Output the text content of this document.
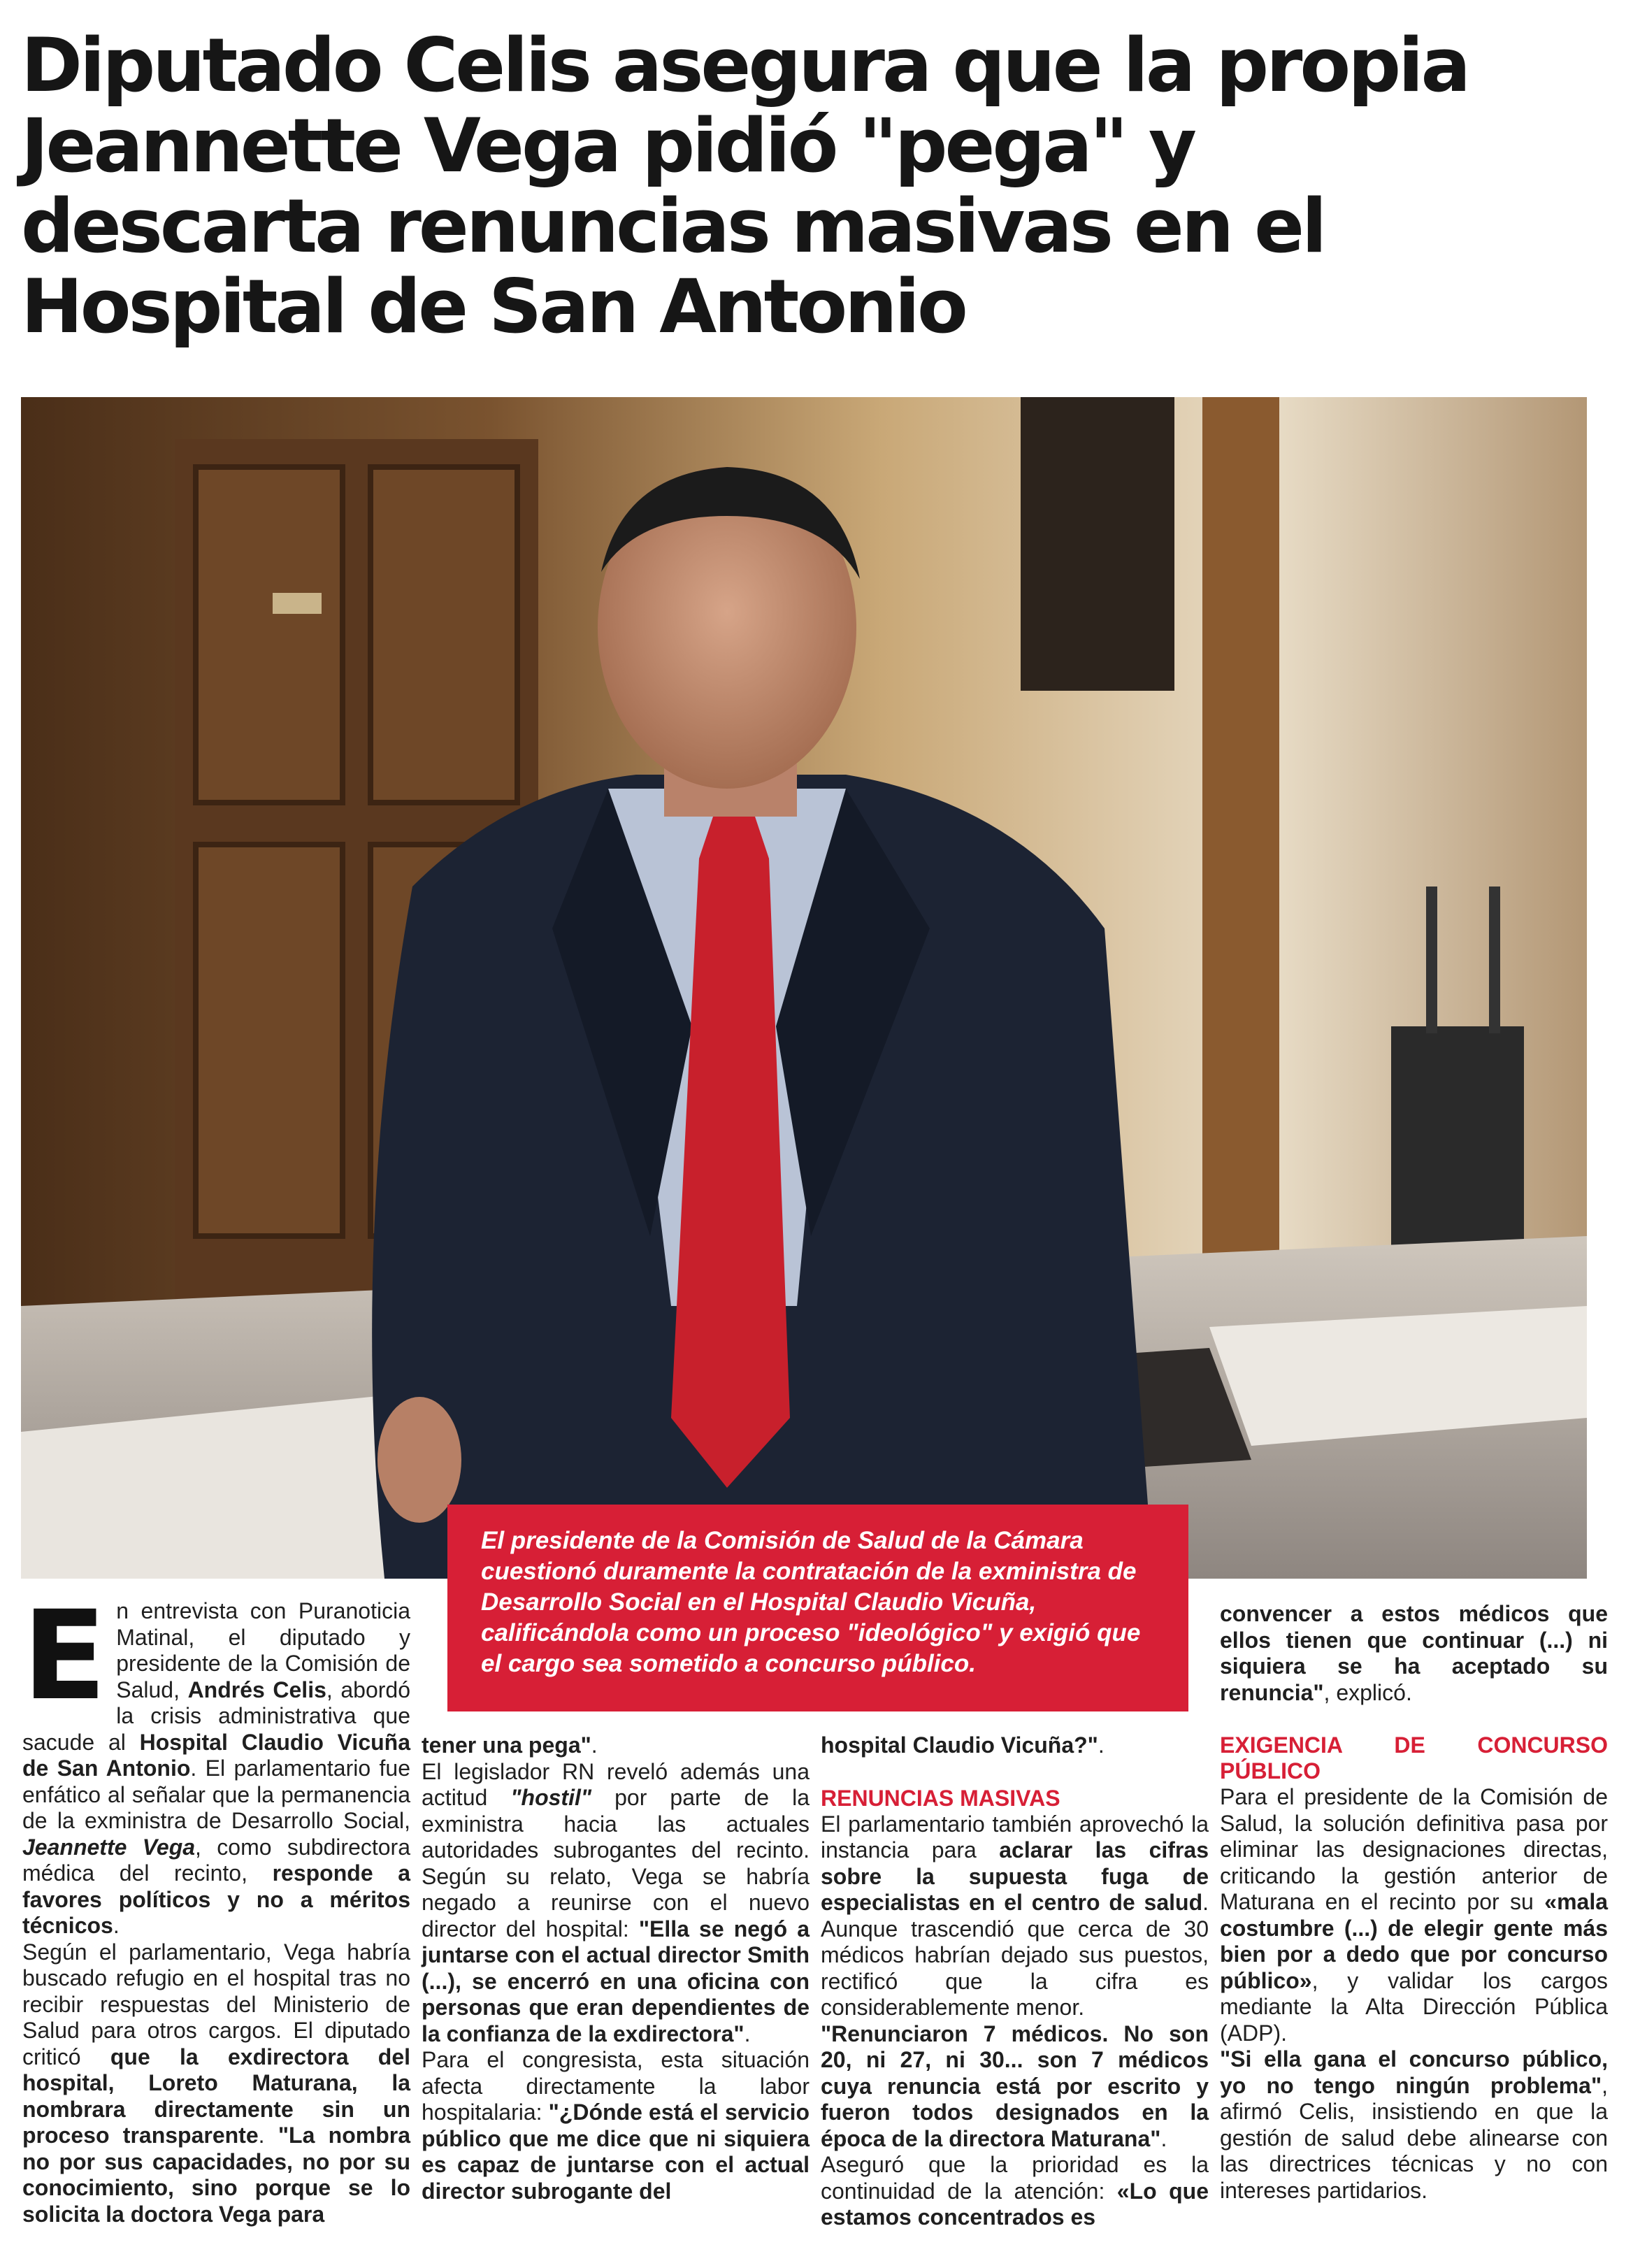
Diputado Celis asegura que la propia Jeannette Vega pidió "pega" y descarta renuncias masivas en el Hospital de San Antonio

El presidente de la Comisión de Salud de la Cámara cuestionó duramente la contratación de la exministra de Desarrollo Social en el Hospital Claudio Vicuña, calificándola como un proceso "ideológico" y exigió que el cargo sea sometido a concurso público.

E n entrevista con Puranoticia Matinal, el diputado y presidente de la Comisión de Salud, Andrés Celis, abordó la crisis administrativa que sacude al Hospital Claudio Vicuña de San Antonio. El parlamentario fue enfático al señalar que la permanencia de la exministra de Desarrollo Social, Jeannette Vega, como subdirectora médica del recinto, responde a favores políticos y no a méritos técnicos.

Según el parlamentario, Vega habría buscado refugio en el hospital tras no recibir respuestas del Ministerio de Salud para otros cargos. El diputado criticó que la exdirectora del hospital, Loreto Maturana, la nombrara directamente sin un proceso transparente. "La nombra no por sus capacidades, no por su conocimiento, sino porque se lo solicita la doctora Vega para

tener una pega".

El legislador RN reveló además una actitud "hostil" por parte de la exministra hacia las actuales autoridades subrogantes del recinto. Según su relato, Vega se habría negado a reunirse con el nuevo director del hospital: "Ella se negó a juntarse con el actual director Smith (...), se encerró en una oficina con personas que eran dependientes de la confianza de la exdirectora".

Para el congresista, esta situación afecta directamente la labor hospitalaria: "¿Dónde está el servicio público que me dice que ni siquiera es capaz de juntarse con el actual director subrogante del

hospital Claudio Vicuña?".

RENUNCIAS MASIVAS

El parlamentario también aprovechó la instancia para aclarar las cifras sobre la supuesta fuga de especialistas en el centro de salud. Aunque trascendió que cerca de 30 médicos habrían dejado sus puestos, rectificó que la cifra es considerablemente menor.

"Renunciaron 7 médicos. No son 20, ni 27, ni 30... son 7 médicos cuya renuncia está por escrito y fueron todos designados en la época de la directora Maturana".

Aseguró que la prioridad es la continuidad de la atención: «Lo que estamos concentrados es

convencer a estos médicos que ellos tienen que continuar (...) ni siquiera se ha aceptado su renuncia", explicó.

EXIGENCIA DE CONCURSO PÚBLICO

Para el presidente de la Comisión de Salud, la solución definitiva pasa por eliminar las designaciones directas, criticando la gestión anterior de Maturana en el recinto por su «mala costumbre (...) de elegir gente más bien por a dedo que por concurso público», y validar los cargos mediante la Alta Dirección Pública (ADP).

"Si ella gana el concurso público, yo no tengo ningún problema", afirmó Celis, insistiendo en que la gestión de salud debe alinearse con las directrices técnicas y no con intereses partidarios.
